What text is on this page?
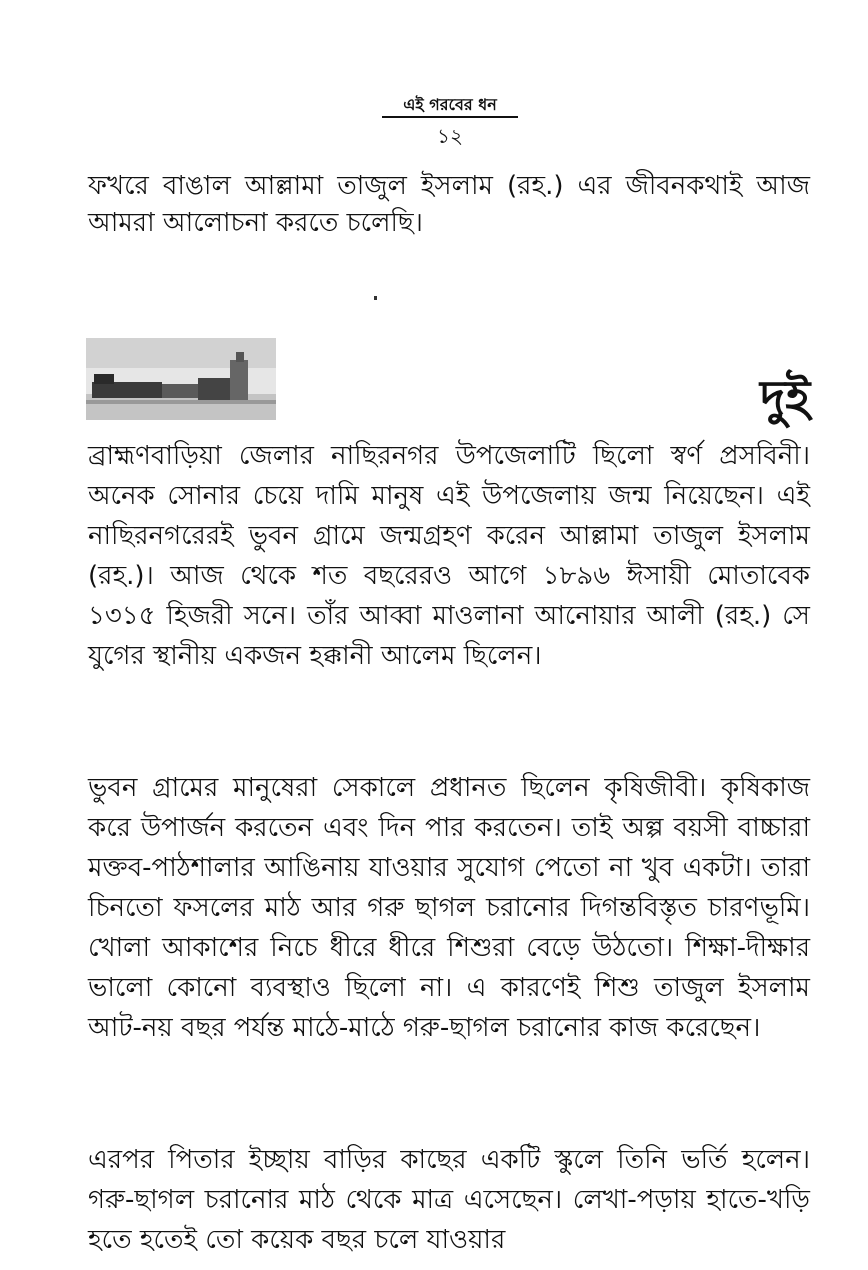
এই গরবের ধন
১২

ফখরে বাঙাল আল্লামা তাজুল ইসলাম (রহ.) এর জীবনকথাই আজ আমরা আলোচনা করতে চলেছি।

দুই

ব্রাহ্মণবাড়িয়া জেলার নাছিরনগর উপজেলাটি ছিলো স্বর্ণ প্রসবিনী। অনেক সোনার চেয়ে দামি মানুষ এই উপজেলায় জন্ম নিয়েছেন। এই নাছিরনগরেরই ভুবন গ্রামে জন্মগ্রহণ করেন আল্লামা তাজুল ইসলাম (রহ.)। আজ থেকে শত বছরেরও আগে ১৮৯৬ ঈসায়ী মোতাবেক ১৩১৫ হিজরী সনে। তাঁর আব্বা মাওলানা আনোয়ার আলী (রহ.) সে যুগের স্থানীয় একজন হক্কানী আলেম ছিলেন।

ভুবন গ্রামের মানুষেরা সেকালে প্রধানত ছিলেন কৃষিজীবী। কৃষিকাজ করে উপার্জন করতেন এবং দিন পার করতেন। তাই অল্প বয়সী বাচ্চারা মক্তব-পাঠশালার আঙিনায় যাওয়ার সুযোগ পেতো না খুব একটা। তারা চিনতো ফসলের মাঠ আর গরু ছাগল চরানোর দিগন্তবিস্তৃত চারণভূমি। খোলা আকাশের নিচে ধীরে ধীরে শিশুরা বেড়ে উঠতো। শিক্ষা-দীক্ষার ভালো কোনো ব্যবস্থাও ছিলো না। এ কারণেই শিশু তাজুল ইসলাম আট-নয় বছর পর্যন্ত মাঠে-মাঠে গরু-ছাগল চরানোর কাজ করেছেন।

এরপর পিতার ইচ্ছায় বাড়ির কাছের একটি স্কুলে তিনি ভর্তি হলেন। গরু-ছাগল চরানোর মাঠ থেকে মাত্র এসেছেন। লেখা-পড়ায় হাতে-খড়ি হতে হতেই তো কয়েক বছর চলে যাওয়ার
